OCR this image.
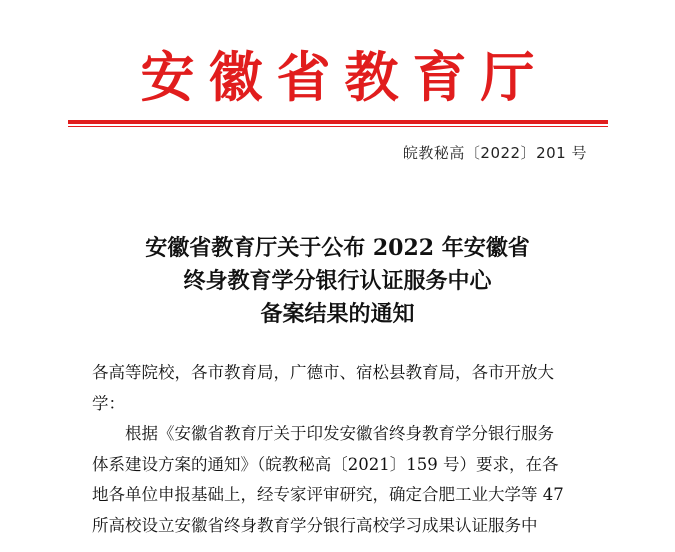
安徽省教育厅
皖教秘高〔2022〕201 号
安徽省教育厅关于公布 2022 年安徽省
终身教育学分银行认证服务中心
备案结果的通知

各高等院校，各市教育局，广德市、宿松县教育局，各市开放大

学：

根据《安徽省教育厅关于印发安徽省终身教育学分银行服务

体系建设方案的通知》（皖教秘高〔2021〕159 号）要求，在各

地各单位申报基础上，经专家评审研究，确定合肥工业大学等 47

所高校设立安徽省终身教育学分银行高校学习成果认证服务中
